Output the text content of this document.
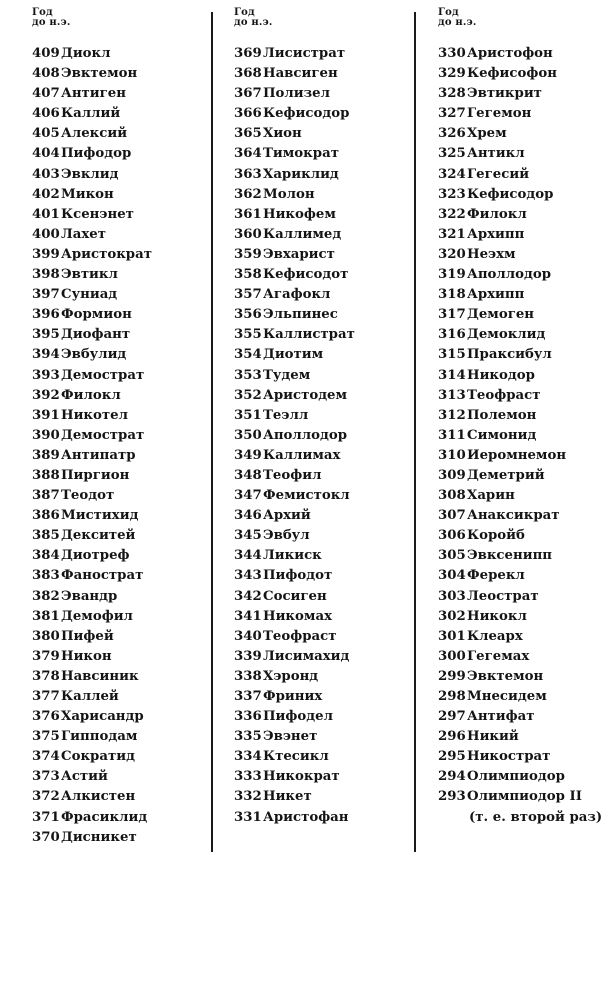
Год
до н.э.
409Диокл
408Эвктемон
407Антиген
406Каллий
405Алексий
404Пифодор
403Эвклид
402Микон
401Ксенэнет
400Лахет
399Аристократ
398Эвтикл
397Суниад
396Формион
395Диофант
394Эвбулид
393Демострат
392Филокл
391Никотел
390Демострат
389Антипатр
388Пиргион
387Теодот
386Мистихид
385Декситей
384Диотреф
383Фанострат
382Эвандр
381Демофил
380Пифей
379Никон
378Навсиник
377Каллей
376Харисандр
375Гипподам
374Сократид
373Астий
372Алкистен
371Фрасиклид
370Дисникет
Год
до н.э.
369Лисистрат
368Навсиген
367Полизел
366Кефисодор
365Хион
364Тимократ
363Хариклид
362Молон
361Никофем
360Каллимед
359Эвхарист
358Кефисодот
357Агафокл
356Эльпинес
355Каллистрат
354Диотим
353Тудем
352Аристодем
351Теэлл
350Аполлодор
349Каллимах
348Теофил
347Фемистокл
346Архий
345Эвбул
344Ликиск
343Пифодот
342Сосиген
341Никомах
340Теофраст
339Лисимахид
338Хэронд
337Фриних
336Пифодел
335Эвэнет
334Ктесикл
333Никократ
332Никет
331Аристофан
Год
до н.э.
330Аристофон
329Кефисофон
328Эвтикрит
327Гегемон
326Хрем
325Антикл
324Гегесий
323Кефисодор
322Филокл
321Архипп
320Неэхм
319Аполлодор
318Архипп
317Демоген
316Демоклид
315Праксибул
314Никодор
313Теофраст
312Полемон
311Симонид
310Иеромнемон
309Деметрий
308Харин
307Анаксикрат
306Коройб
305Эвксенипп
304Ферекл
303Леострат
302Никокл
301Клеарх
300Гегемах
299Эвктемон
298Мнесидем
297Антифат
296Никий
295Никострат
294Олимпиодор
293Олимпиодор II
(т. е. второй раз)
